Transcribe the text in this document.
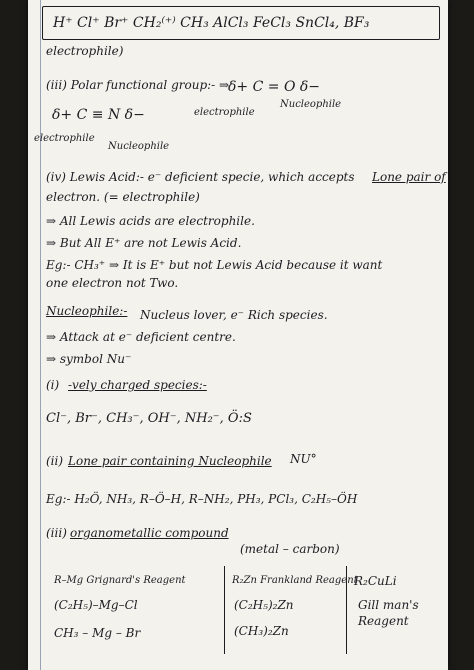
H⁺ Cl⁺ Br⁺ CH₂⁽⁺⁾ CH₃ AlCl₃ FeCl₃ SnCl₄, BF₃
electrophile)
(iii) Polar functional group:- ⇒
δ+ C = O δ−
electrophile
Nucleophile
δ+ C ≡ N δ−
electrophile
Nucleophile
(iv) Lewis Acid:- e⁻ deficient specie, which accepts Lone pair of
electron. (= electrophile)
⇒ All Lewis acids are electrophile.
⇒ But All E⁺ are not Lewis Acid.
Eg:- CH₃⁺ ⇒ It is E⁺ but not Lewis Acid because it want
one electron not Two.
Nucleophile:- Nucleus lover, e⁻ Rich species.
⇒ Attack at e⁻ deficient centre.
⇒ symbol Nu⁻
(i) -vely charged species:-
Cl⁻, Br⁻, CH₃⁻, OH⁻, NH₂⁻, Ö:S
(ii) Lone pair containing Nucleophile NU°
Eg:- H₂Ö, NH₃, R–Ö–H, R–NH₂, PH₃, PCl₃, C₂H₅–ÖH
(iii) organometallic compound
(metal – carbon)
R–Mg Grignard's Reagent
(C₂H₅)–Mg–Cl
CH₃ – Mg – Br
R₂Zn Frankland Reagent
(C₂H₅)₂Zn
(CH₃)₂Zn
R₂CuLi
Gill man's
Reagent
